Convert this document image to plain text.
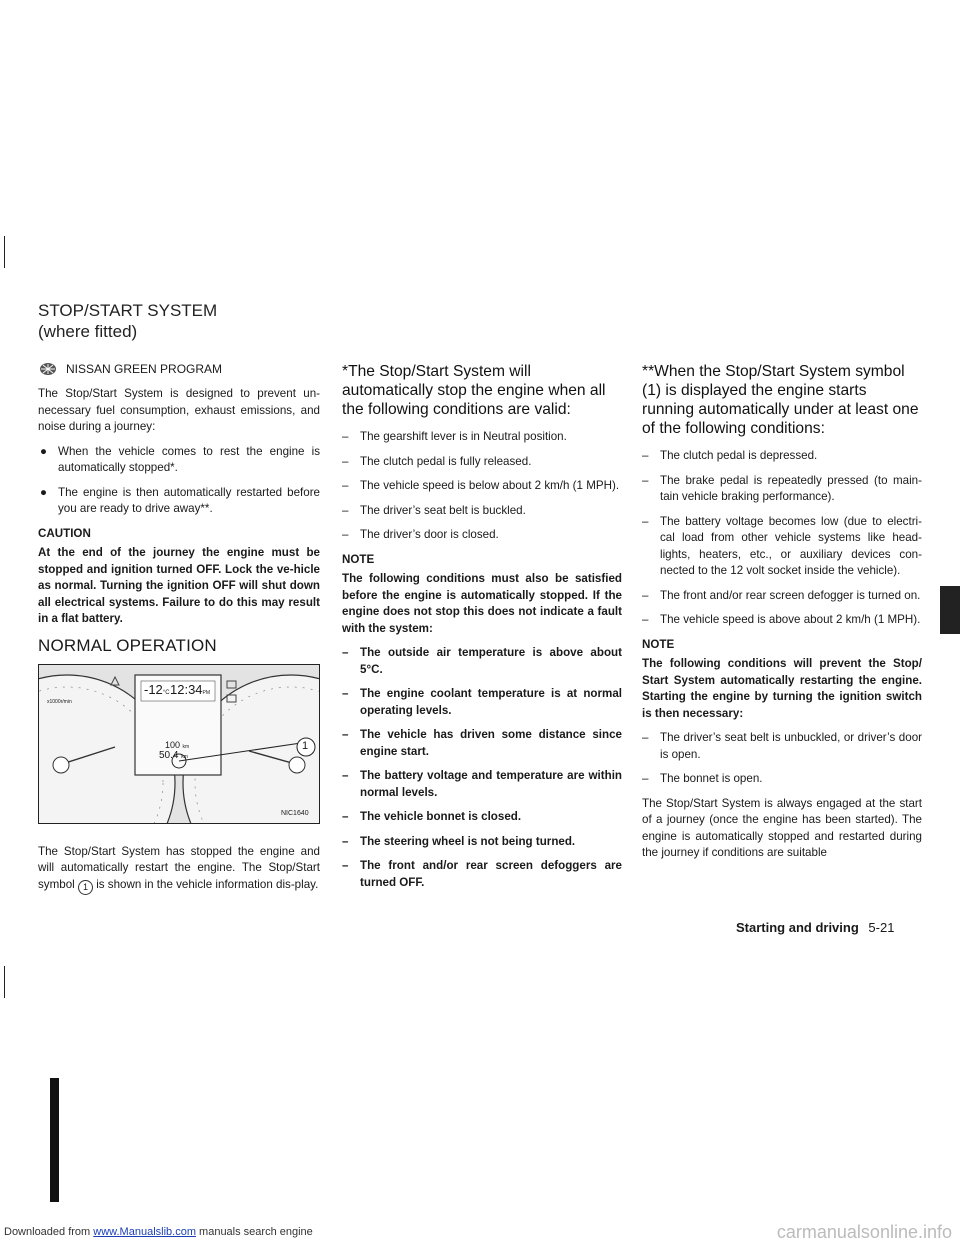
Downloaded from www.Manualslib.com manuals search engine	carmanualsonline.info
STOP/START SYSTEM
(where fitted)
NISSAN GREEN PROGRAM

The Stop/Start System is designed to prevent un-necessary fuel consumption, exhaust emissions, and noise during a journey:

● When the vehicle comes to rest the engine is automatically stopped*.
● The engine is then automatically restarted before you are ready to drive away**.

CAUTION

At the end of the journey the engine must be stopped and ignition turned OFF. Lock the ve-hicle as normal. Turning the ignition OFF will shut down all electrical systems. Failure to do this may result in a flat battery.

NORMAL OPERATION
-12°C 12:34PM
100 km
50.4 km
x1000r/min
1
NIC1640

The Stop/Start System has stopped the engine and will automatically restart the engine. The Stop/Start symbol 1 is shown in the vehicle information dis-play.

*The Stop/Start System will automatically stop the engine when all the following conditions are valid:
– The gearshift lever is in Neutral position.
– The clutch pedal is fully released.
– The vehicle speed is below about 2 km/h (1 MPH).
– The driver’s seat belt is buckled.
– The driver’s door is closed.

NOTE

The following conditions must also be satisfied before the engine is automatically stopped. If the engine does not stop this does not indicate a fault with the system:

– The outside air temperature is above about 5°C.
– The engine coolant temperature is at normal operating levels.
– The vehicle has driven some distance since engine start.
– The battery voltage and temperature are within normal levels.
– The vehicle bonnet is closed.
– The steering wheel is not being turned.
– The front and/or rear screen defoggers are turned OFF.
**When the Stop/Start System symbol (1) is displayed the engine starts running automatically under at least one of the following conditions:
– The clutch pedal is depressed.
– The brake pedal is repeatedly pressed (to main-tain vehicle braking performance).
– The battery voltage becomes low (due to electri-cal load from other vehicle systems like head-lights, heaters, etc., or auxiliary devices con-nected to the 12 volt socket inside the vehicle).
– The front and/or rear screen defogger is turned on.
– The vehicle speed is above about 2 km/h (1 MPH).

NOTE

The following conditions will prevent the Stop/ Start System automatically restarting the engine. Starting the engine by turning the ignition switch is then necessary:

– The driver’s seat belt is unbuckled, or driver’s door is open.
– The bonnet is open.

The Stop/Start System is always engaged at the start of a journey (once the engine has been started). The engine is automatically stopped and restarted during the journey if conditions are suitable

Starting and driving 5-21
